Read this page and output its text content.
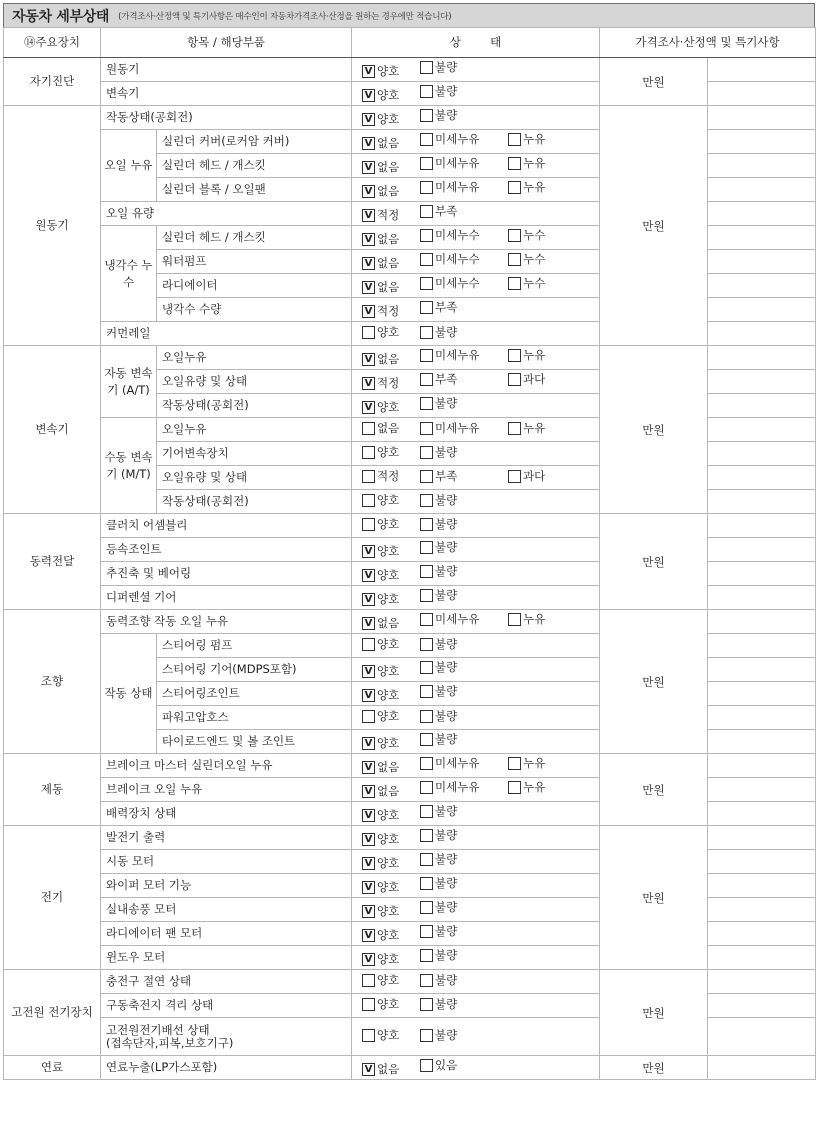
자동차 세부상태 (가격조사·산정액 및 특기사항은 매수인이 자동차가격조사·산정을 원하는 경우에만 적습니다)
⑭주요장치	항목 / 해당부품		상        태	가격조사·산정액 및 특기사항	
자기진단	원동기		V 양호 불량	만원	
	변속기		V 양호 불량		

원동기	작동상태(공회전)		V 양호 불량	만원	
	오일 누유	실린더 커버(로커암 커버)	V 없음 미세누유 누유		

		실린더 헤드 / 개스킷	V 없음 미세누유 누유		

		실린더 블록 / 오일팬	V 없음 미세누유 누유		

	오일 유량		V 적정 부족		

	냉각수 누수	실린더 헤드 / 개스킷	V 없음 미세누수 누수		

		워터펌프	V 없음 미세누수 누수		

		라디에이터	V 없음 미세누수 누수		

		냉각수 수량	V 적정 부족		

	커먼레일		양호 불량		

변속기	자동 변속기 (A/T)	오일누유	V 없음 미세누유 누유	만원	
		오일유량 및 상태	V 적정 부족 과다		

		작동상태(공회전)	V 양호 불량		

	수동 변속기 (M/T)	오일누유	없음 미세누유 누유		

		기어변속장치	양호 불량		

		오일유량 및 상태	적정 부족 과다		

		작동상태(공회전)	양호 불량		

동력전달	클러치 어셈블리		양호 불량	만원	
	등속조인트		V 양호 불량		

	추진축 및 베어링		V 양호 불량		

	디퍼렌셜 기어		V 양호 불량		

조향	동력조향 작동 오일 누유		V 없음 미세누유 누유	만원	
	작동 상태	스티어링 펌프	양호 불량		

		스티어링 기어(MDPS포함)	V 양호 불량		

		스티어링조인트	V 양호 불량		

		파워고압호스	양호 불량		

		타이로드엔드 및 볼 조인트	V 양호 불량		

제동	브레이크 마스터 실린더오일 누유		V 없음 미세누유 누유	만원	
	브레이크 오일 누유		V 없음 미세누유 누유		

	배력장치 상태		V 양호 불량		

전기	발전기 출력		V 양호 불량	만원	
	시동 모터		V 양호 불량		

	와이퍼 모터 기능		V 양호 불량		

	실내송풍 모터		V 양호 불량		

	라디에이터 팬 모터		V 양호 불량		

	윈도우 모터		V 양호 불량		

고전원 전기장치	충전구 절연 상태		양호 불량	만원	
	구동축전지 격리 상태		양호 불량		

	고전원전기배선 상태
(접속단자,피복,보호기구)		양호 불량		

연료	연료누출(LP가스포함)		V 없음 있음	만원	
